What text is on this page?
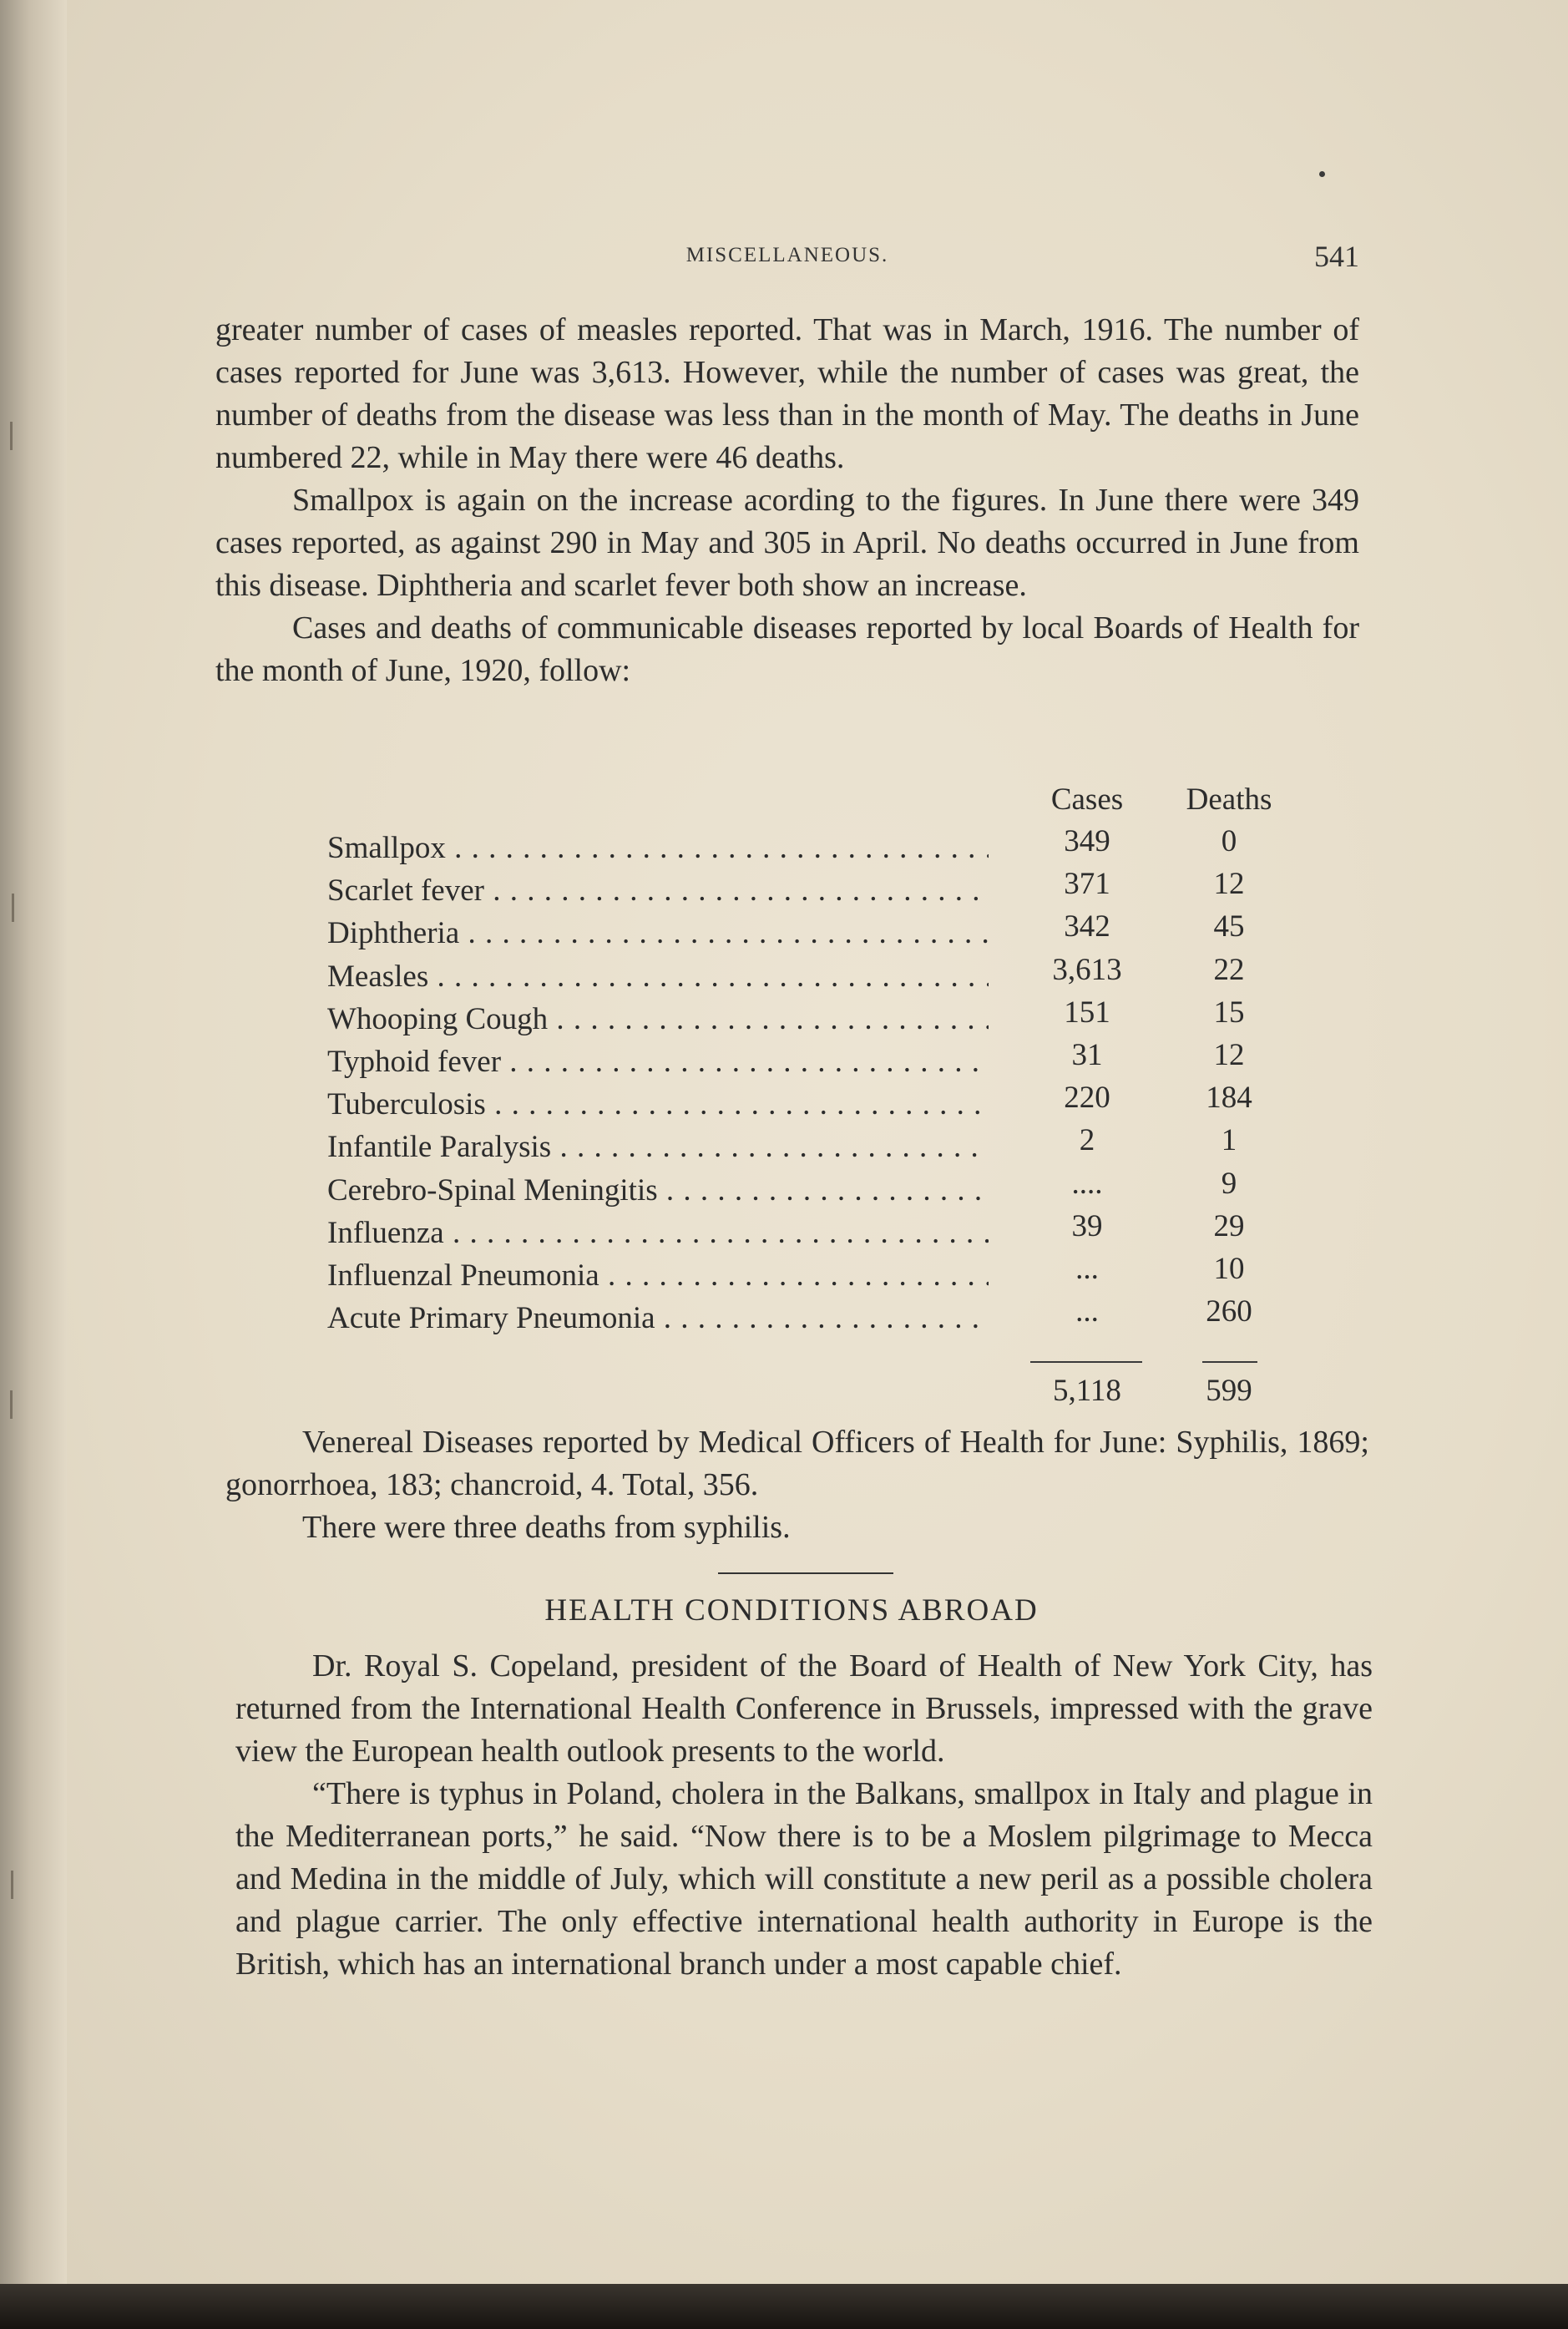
MISCELLANEOUS.	541

greater number of cases of measles reported. That was in March, 1916. The number of cases reported for June was 3,613. However, while the number of cases was great, the number of deaths from the disease was less than in the month of May. The deaths in June numbered 22, while in May there were 46 deaths.

Smallpox is again on the increase acording to the figures. In June there were 349 cases reported, as against 290 in May and 305 in April. No deaths occurred in June from this disease. Diphtheria and scarlet fever both show an increase.

Cases and deaths of communicable diseases reported by local Boards of Health for the month of June, 1920, follow:

Cases	Deaths
Smallpox . . .	349	0
Scarlet fever . . .	371	12
Diphtheria . . .	342	45
Measles . . .	3,613	22
Whooping Cough . . .	151	15
Typhoid fever . . .	31	12
Tuberculosis . . .	220	184
Infantile Paralysis . . .	2	1
Cerebro-Spinal Meningitis . . .	....	9
Influenza . . .	39	29
Influenzal Pneumonia . . .	...	10
Acute Primary Pneumonia . . .	...	260
5,118	599

Venereal Diseases reported by Medical Officers of Health for June: Syphilis, 1869; gonorrhoea, 183; chancroid, 4. Total, 356.

There were three deaths from syphilis.

HEALTH CONDITIONS ABROAD

Dr. Royal S. Copeland, president of the Board of Health of New York City, has returned from the International Health Conference in Brussels, impressed with the grave view the European health outlook presents to the world.

“There is typhus in Poland, cholera in the Balkans, smallpox in Italy and plague in the Mediterranean ports,” he said. “Now there is to be a Moslem pilgrimage to Mecca and Medina in the middle of July, which will constitute a new peril as a possible cholera and plague carrier. The only effective international health authority in Europe is the British, which has an international branch under a most capable chief.
